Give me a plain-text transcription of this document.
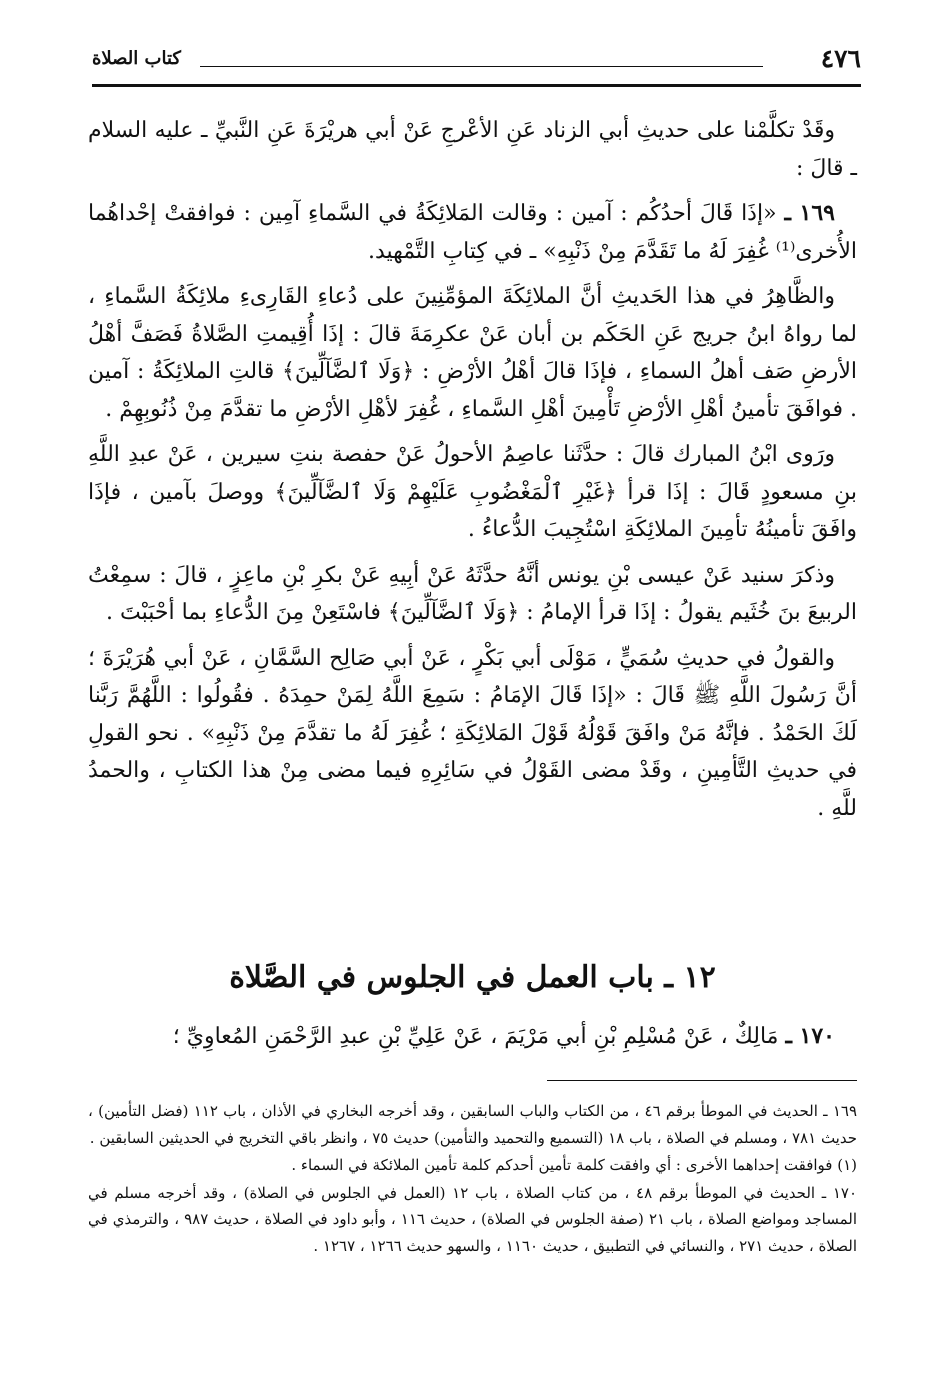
٤٧٦
كتاب الصلاة

وقَدْ تكلَّمْنا على حديثِ أبي الزناد عَنِ الأعْرجِ عَنْ أبي هريْرَةَ عَنِ النَّبيِّ ـ عليه السلام ـ قالَ :

١٦٩ ـ «إذَا قَالَ أحدُكُم : آمين : وقالت المَلائِكَةُ في السَّماءِ آمِين : فوافقتْ إحْداهُما الأُخرى⁽¹⁾ غُفِرَ لَهُ ما تَقَدَّمَ مِنْ ذَنْبِهِ» ـ في كِتابِ التَّمْهيد.

والظَّاهِرُ في هذا الحَديثِ أنَّ الملائِكَةَ المؤمِّنِينَ على دُعاءِ القَارِىءِ ملائِكَةُ السَّماءِ ، لما رواهُ ابنُ جريج عَنِ الحَكَم بن أبان عَنْ عكرِمَةَ قالَ : إذَا أُقِيمتِ الصَّلاةُ فَصَفَّ أهْلُ الأرضِ صَف أهلُ السماءِ ، فإذَا قالَ أهْلُ الأرْضِ : ﴿وَلَا ٱلضَّآلِّينَ﴾ قالتِ الملائِكَةُ : آمين . فوافَقَ تأمينُ أهْلِ الأرْضِ تَأْمِينَ أهْلِ السَّماءِ ، غُفِرَ لأهْلِ الأرْضِ ما تقدَّمَ مِنْ ذُنُوبِهِمْ .

ورَوى ابْنُ المبارك قالَ : حدَّثَنا عاصِمُ الأحولُ عَنْ حفصة بنتِ سيرين ، عَنْ عبدِ اللَّهِ بنِ مسعودٍ قَالَ : إذَا قرأ ﴿غَيْرِ ٱلْمَغْضُوبِ عَلَيْهِمْ وَلَا ٱلضَّآلِّينَ﴾ ووصلَ بآمين ، فإذَا وافَقَ تأمينُهُ تأمِينَ الملائِكَةِ اسْتُجِيبَ الدُّعاءُ .

وذكرَ سنيد عَنْ عيسى بْنِ يونس أنَّهُ حدَّثَهُ عَنْ أبِيهِ عَنْ بكرِ بْنِ ماعِزٍ ، قالَ : سمِعْتُ الربيعَ بنَ خُثَيم يقولُ : إذَا قرأ الإمامُ : ﴿وَلَا ٱلضَّآلِّينَ﴾ فاسْتَعِنْ مِنَ الدُّعاءِ بما أحْبَبْتَ .

والقولُ في حديثِ سُمَيٍّ ، مَوْلَى أبي بَكْرٍ ، عَنْ أبي صَالِح السَّمَّانِ ، عَنْ أبي هُرَيْرَةَ ؛ أنَّ رَسُولَ اللَّهِ ﷺ قَالَ : «إذَا قَالَ الإمَامُ : سَمِعَ اللَّهُ لِمَنْ حمِدَهُ . فقُولُوا : اللَّهُمَّ رَبَّنا لَكَ الحَمْدُ . فإنَّهُ مَنْ وافَقَ قَوْلُهُ قَوْلَ المَلائِكَةِ ؛ غُفِرَ لَهُ ما تقدَّمَ مِنْ ذَنْبِهِ» . نحو القولِ في حديثِ التَّأمِينِ ، وقَدْ مضى القَوْلُ في سَائِرِهِ فيما مضى مِنْ هذا الكتابِ ، والحمدُ للَّهِ .

١٢ ـ باب العمل في الجلوس في الصَّلاة
١٧٠ ـ مَالِكٌ ، عَنْ مُسْلِمِ بْنِ أبي مَرْيَمَ ، عَنْ عَلِيِّ بْنِ عبدِ الرَّحْمَنِ المُعاوِيِّ ؛

١٦٩ ـ الحديث في الموطأ برقم ٤٦ ، من الكتاب والباب السابقين ، وقد أخرجه البخاري في الأذان ، باب ١١٢ (فضل التأمين) ، حديث ٧٨١ ، ومسلم في الصلاة ، باب ١٨ (التسميع والتحميد والتأمين) حديث ٧٥ ، وانظر باقي التخريج في الحديثين السابقين .

(١) فوافقت إحداهما الأخرى : أي وافقت كلمة تأمين أحدكم كلمة تأمين الملائكة في السماء .

١٧٠ ـ الحديث في الموطأ برقم ٤٨ ، من كتاب الصلاة ، باب ١٢ (العمل في الجلوس في الصلاة) ، وقد أخرجه مسلم في المساجد ومواضع الصلاة ، باب ٢١ (صفة الجلوس في الصلاة) ، حديث ١١٦ ، وأبو داود في الصلاة ، حديث ٩٨٧ ، والترمذي في الصلاة ، حديث ٢٧١ ، والنسائي في التطبيق ، حديث ١١٦٠ ، والسهو حديث ١٢٦٦ ، ١٢٦٧ .
